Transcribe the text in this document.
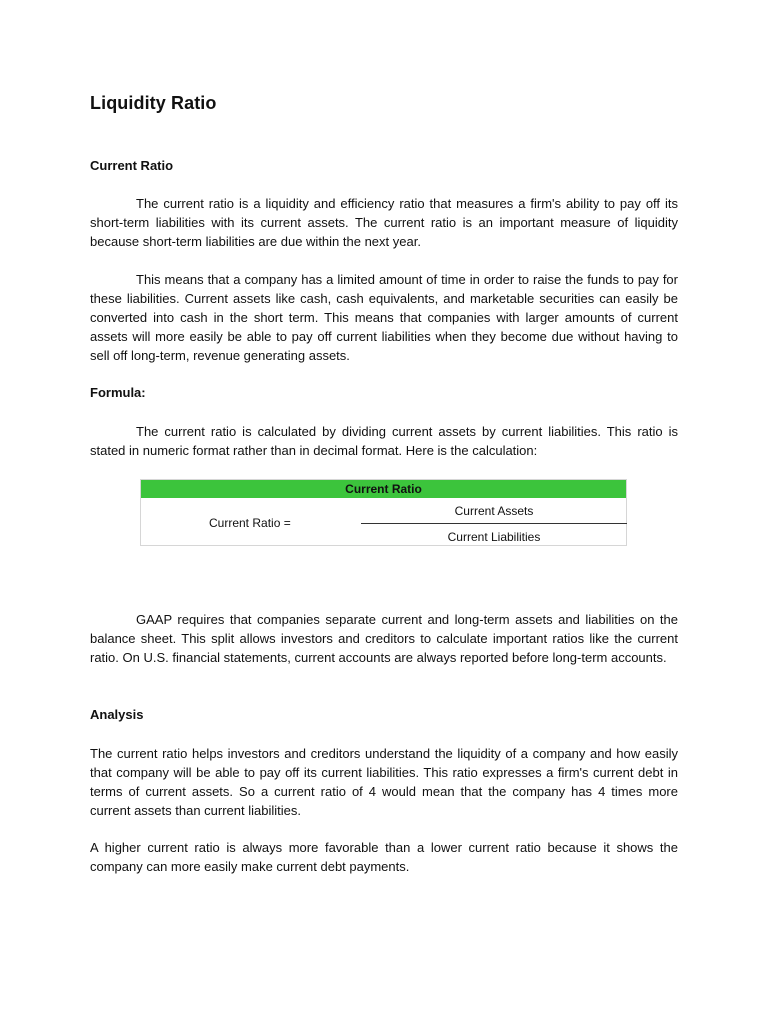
Liquidity Ratio
Current Ratio

The current ratio is a liquidity and efficiency ratio that measures a firm's ability to pay off its short-term liabilities with its current assets. The current ratio is an important measure of liquidity because short-term liabilities are due within the next year.

This means that a company has a limited amount of time in order to raise the funds to pay for these liabilities. Current assets like cash, cash equivalents, and marketable securities can easily be converted into cash in the short term. This means that companies with larger amounts of current assets will more easily be able to pay off current liabilities when they become due without having to sell off long-term, revenue generating assets.

Formula:

The current ratio is calculated by dividing current assets by current liabilities. This ratio is stated in numeric format rather than in decimal format. Here is the calculation:

Current Ratio
Current Ratio =
Current Assets
Current Liabilities

GAAP requires that companies separate current and long-term assets and liabilities on the balance sheet. This split allows investors and creditors to calculate important ratios like the current ratio. On U.S. financial statements, current accounts are always reported before long-term accounts.

Analysis

The current ratio helps investors and creditors understand the liquidity of a company and how easily that company will be able to pay off its current liabilities. This ratio expresses a firm's current debt in terms of current assets. So a current ratio of 4 would mean that the company has 4 times more current assets than current liabilities.

A higher current ratio is always more favorable than a lower current ratio because it shows the company can more easily make current debt payments.
